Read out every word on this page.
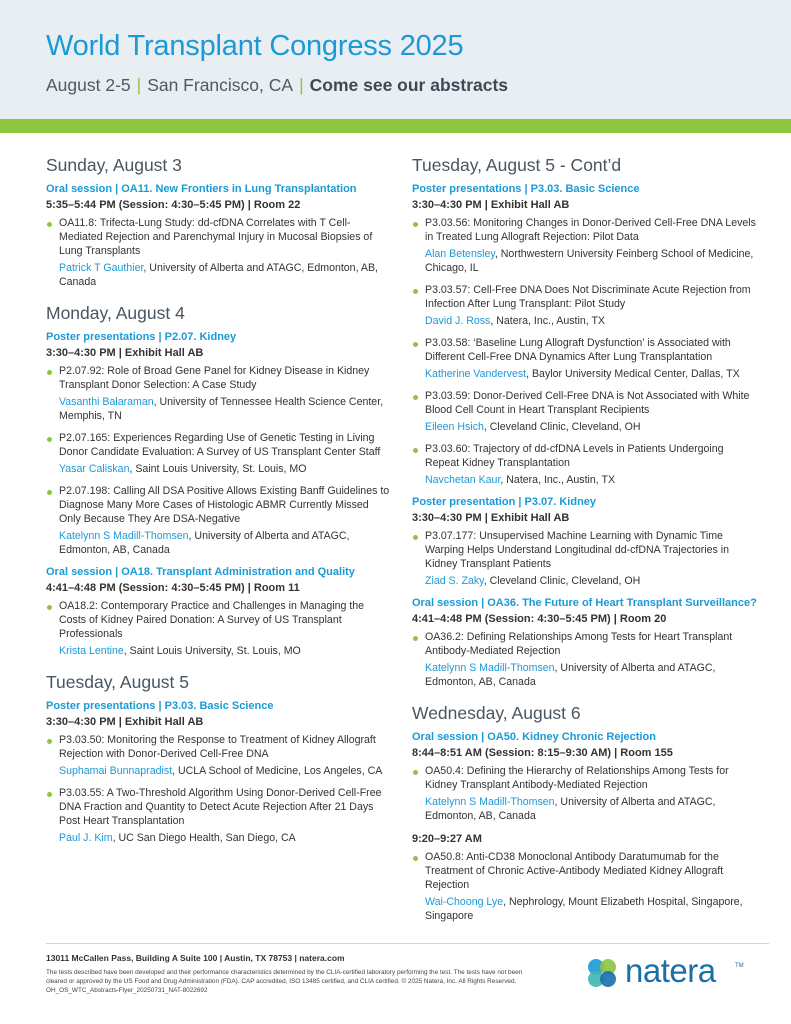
World Transplant Congress 2025
August 2-5 | San Francisco, CA | Come see our abstracts
Sunday, August 3
Oral session | OA11. New Frontiers in Lung Transplantation
5:35–5:44 PM (Session: 4:30–5:45 PM) | Room 22
OA11.8: Trifecta-Lung Study: dd-cfDNA Correlates with T Cell-Mediated Rejection and Parenchymal Injury in Mucosal Biopsies of Lung Transplants
Patrick T Gauthier, University of Alberta and ATAGC, Edmonton, AB, Canada
Monday, August 4
Poster presentations | P2.07. Kidney
3:30–4:30 PM | Exhibit Hall AB
P2.07.92: Role of Broad Gene Panel for Kidney Disease in Kidney Transplant Donor Selection: A Case Study
Vasanthi Balaraman, University of Tennessee Health Science Center, Memphis, TN
P2.07.165: Experiences Regarding Use of Genetic Testing in Living Donor Candidate Evaluation: A Survey of US Transplant Center Staff
Yasar Caliskan, Saint Louis University, St. Louis, MO
P2.07.198: Calling All DSA Positive Allows Existing Banff Guidelines to Diagnose Many More Cases of Histologic ABMR Currently Missed Only Because They Are DSA-Negative
Katelynn S Madill-Thomsen, University of Alberta and ATAGC, Edmonton, AB, Canada
Oral session | OA18. Transplant Administration and Quality
4:41–4:48 PM (Session: 4:30–5:45 PM) | Room 11
OA18.2: Contemporary Practice and Challenges in Managing the Costs of Kidney Paired Donation: A Survey of US Transplant Professionals
Krista Lentine, Saint Louis University, St. Louis, MO
Tuesday, August 5
Poster presentations | P3.03. Basic Science
3:30–4:30 PM | Exhibit Hall AB
P3.03.50: Monitoring the Response to Treatment of Kidney Allograft Rejection with Donor-Derived Cell-Free DNA
Suphamai Bunnapradist, UCLA School of Medicine, Los Angeles, CA
P3.03.55: A Two-Threshold Algorithm Using Donor-Derived Cell-Free DNA Fraction and Quantity to Detect Acute Rejection After 21 Days Post Heart Transplantation
Paul J. Kim, UC San Diego Health, San Diego, CA
Tuesday, August 5 - Cont’d
Poster presentations | P3.03. Basic Science
3:30–4:30 PM | Exhibit Hall AB
P3.03.56: Monitoring Changes in Donor-Derived Cell-Free DNA Levels in Treated Lung Allograft Rejection: Pilot Data
Alan Betensley, Northwestern University Feinberg School of Medicine, Chicago, IL
P3.03.57: Cell-Free DNA Does Not Discriminate Acute Rejection from Infection After Lung Transplant: Pilot Study
David J. Ross, Natera, Inc., Austin, TX
P3.03.58: ‘Baseline Lung Allograft Dysfunction’ is Associated with Different Cell-Free DNA Dynamics After Lung Transplantation
Katherine Vandervest, Baylor University Medical Center, Dallas, TX
P3.03.59: Donor-Derived Cell-Free DNA is Not Associated with White Blood Cell Count in Heart Transplant Recipients
Eileen Hsich, Cleveland Clinic, Cleveland, OH
P3.03.60: Trajectory of dd-cfDNA Levels in Patients Undergoing Repeat Kidney Transplantation
Navchetan Kaur, Natera, Inc., Austin, TX
Poster presentation | P3.07. Kidney
3:30–4:30 PM | Exhibit Hall AB
P3.07.177: Unsupervised Machine Learning with Dynamic Time Warping Helps Understand Longitudinal dd-cfDNA Trajectories in Kidney Transplant Patients
Ziad S. Zaky, Cleveland Clinic, Cleveland, OH
Oral session | OA36. The Future of Heart Transplant Surveillance?
4:41–4:48 PM (Session: 4:30–5:45 PM) | Room 20
OA36.2: Defining Relationships Among Tests for Heart Transplant Antibody-Mediated Rejection
Katelynn S Madill-Thomsen, University of Alberta and ATAGC, Edmonton, AB, Canada
Wednesday, August 6
Oral session | OA50. Kidney Chronic Rejection
8:44–8:51 AM (Session: 8:15–9:30 AM) | Room 155
OA50.4: Defining the Hierarchy of Relationships Among Tests for Kidney Transplant Antibody-Mediated Rejection
Katelynn S Madill-Thomsen, University of Alberta and ATAGC, Edmonton, AB, Canada
9:20–9:27 AM
OA50.8: Anti-CD38 Monoclonal Antibody Daratumumab for the Treatment of Chronic Active-Antibody Mediated Kidney Allograft Rejection
Wai-Choong Lye, Nephrology, Mount Elizabeth Hospital, Singapore, Singapore
13011 McCallen Pass, Building A Suite 100 | Austin, TX 78753 | natera.com
The tests described have been developed and their performance characteristics determined by the CLIA-certified laboratory performing the test. The tests have not been cleared or approved by the US Food and Drug Administration (FDA). CAP accredited, ISO 13485 certified, and CLIA certified. © 2025 Natera, Inc. All Rights Reserved. OH_OS_WTC_Abstracts-Flyer_20250731_NAT-8022692
natera	TM
